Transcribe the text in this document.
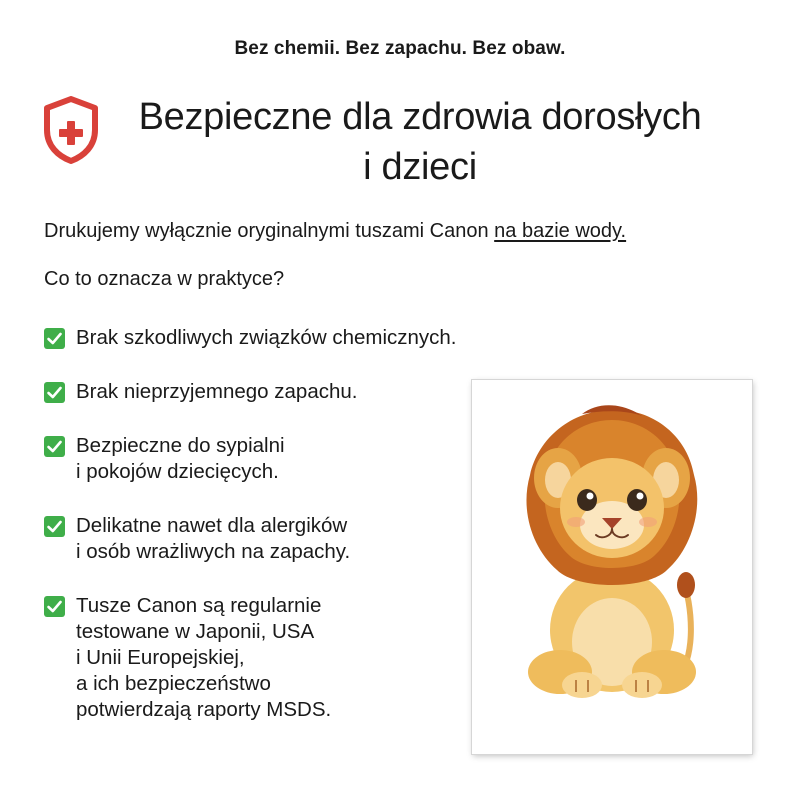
Bez chemii. Bez zapachu. Bez obaw.
Bezpieczne dla zdrowia dorosłych
i dzieci
Drukujemy wyłącznie oryginalnymi tuszami Canon na bazie wody.
Co to oznacza w praktyce?
Brak szkodliwych związków chemicznych.
Brak nieprzyjemnego zapachu.
Bezpieczne do sypialni
i pokojów dziecięcych.
Delikatne nawet dla alergików
i osób wrażliwych na zapachy.
Tusze Canon są regularnie
testowane w Japonii, USA
i Unii Europejskiej,
a ich bezpieczeństwo
potwierdzają raporty MSDS.
